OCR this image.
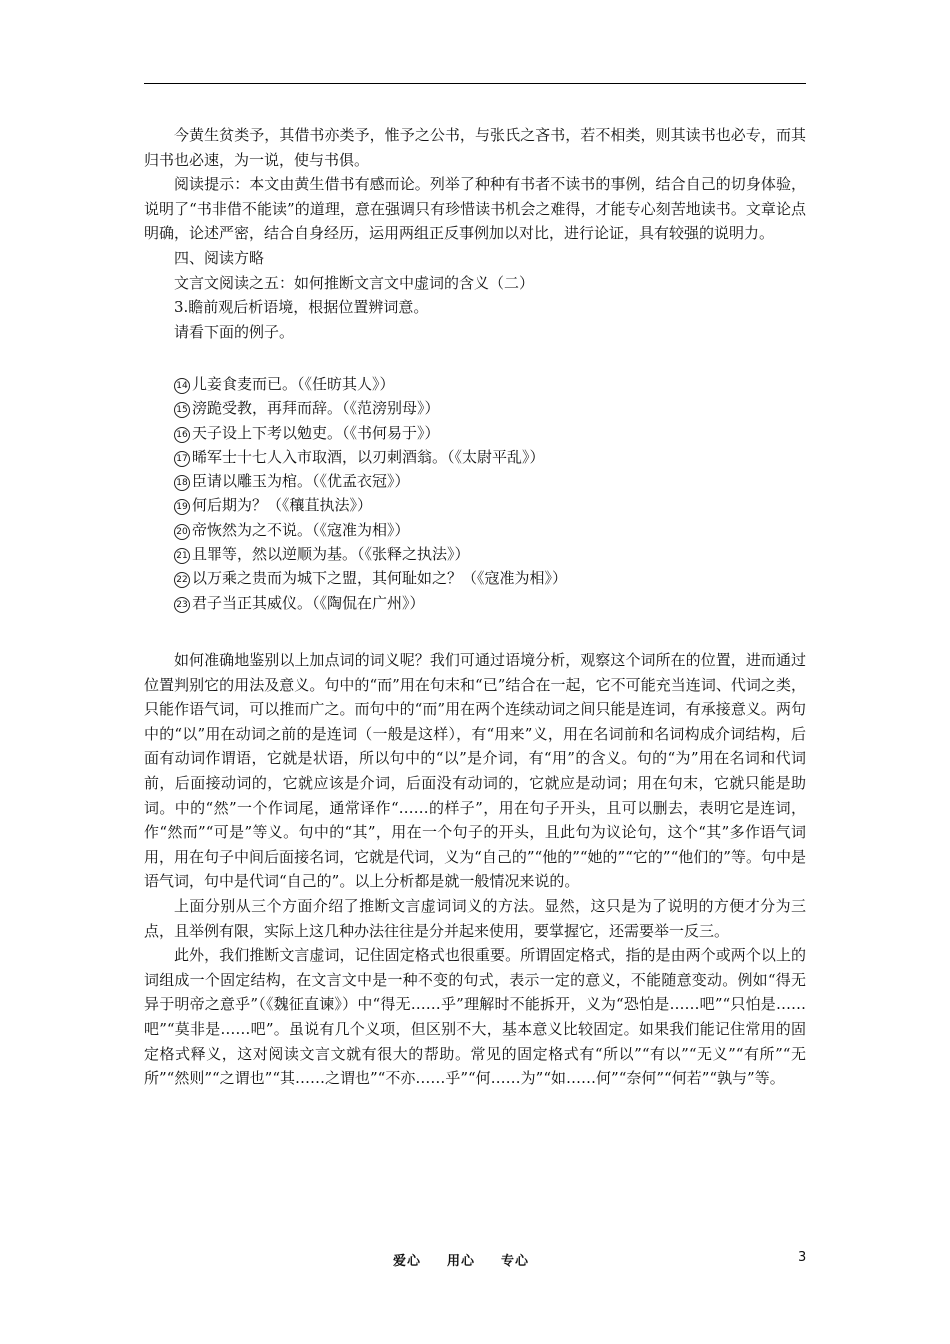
今黄生贫类予，其借书亦类予，惟予之公书，与张氏之吝书，若不相类，则其读书也必专，而其归书也必速，为一说，使与书俱。

阅读提示：本文由黄生借书有感而论。列举了种种有书者不读书的事例，结合自己的切身体验，说明了“书非借不能读”的道理，意在强调只有珍惜读书机会之难得，才能专心刻苦地读书。文章论点明确，论述严密，结合自身经历，运用两组正反事例加以对比，进行论证，具有较强的说明力。

四、阅读方略

文言文阅读之五：如何推断文言文中虚词的含义（二）

3.瞻前观后析语境，根据位置辨词意。

请看下面的例子。

14 儿妾食麦而已。（《任昉其人》）

15 滂跪受教，再拜而辞。（《范滂别母》）

16 天子设上下考以勉吏。（《书何易于》）

17 晞军士十七人入市取酒，以刃刺酒翁。（《太尉平乱》）

18 臣请以雕玉为棺。（《优孟衣冠》）

19 何后期为？（《穰苴执法》）

20 帝恢然为之不说。（《寇准为相》）

21 且罪等，然以逆顺为基。（《张释之执法》）

22 以万乘之贵而为城下之盟，其何耻如之？（《寇准为相》）

23 君子当正其威仪。（《陶侃在广州》）

如何准确地鉴别以上加点词的词义呢？我们可通过语境分析，观察这个词所在的位置，进而通过位置判别它的用法及意义。句中的“而”用在句末和“已”结合在一起，它不可能充当连词、代词之类，只能作语气词，可以推而广之。而句中的“而”用在两个连续动词之间只能是连词，有承接意义。两句中的“以”用在动词之前的是连词（一般是这样），有“用来”义，用在名词前和名词构成介词结构，后面有动词作谓语，它就是状语，所以句中的“以”是介词，有“用”的含义。句的“为”用在名词和代词前，后面接动词的，它就应该是介词，后面没有动词的，它就应是动词；用在句末，它就只能是助词。中的“然”一个作词尾，通常译作“……的样子”，用在句子开头，且可以删去，表明它是连词，作“然而”“可是”等义。句中的“其”，用在一个句子的开头，且此句为议论句，这个“其”多作语气词用，用在句子中间后面接名词，它就是代词，义为“自己的”“他的”“她的”“它的”“他们的”等。句中是语气词，句中是代词“自己的”。以上分析都是就一般情况来说的。

上面分别从三个方面介绍了推断文言虚词词义的方法。显然，这只是为了说明的方便才分为三点，且举例有限，实际上这几种办法往往是分并起来使用，要掌握它，还需要举一反三。

此外，我们推断文言虚词，记住固定格式也很重要。所谓固定格式，指的是由两个或两个以上的词组成一个固定结构，在文言文中是一种不变的句式，表示一定的意义，不能随意变动。例如“得无异于明帝之意乎”（《魏征直谏》）中“得无……乎”理解时不能拆开，义为“恐怕是……吧”“只怕是……吧”“莫非是……吧”。虽说有几个义项，但区别不大，基本意义比较固定。如果我们能记住常用的固定格式释义，这对阅读文言文就有很大的帮助。常见的固定格式有“所以”“有以”“无义”“有所”“无所”“然则”“之谓也”“其……之谓也”“不亦……乎”“何……为”“如……何”“奈何”“何若”“孰与”等。

爱心 用心 专心	3
